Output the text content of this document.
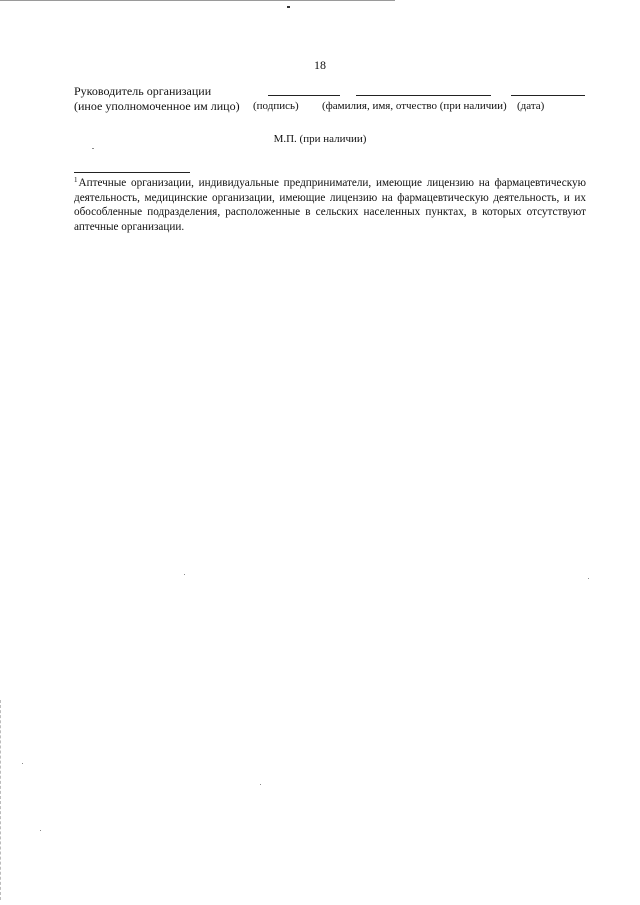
18
Руководитель организации
(иное уполномоченное им лицо) (подпись) (фамилия, имя, отчество (при наличии) (дата)
М.П. (при наличии)
$^1$Аптечные организации, индивидуальные предприниматели, имеющие лицензию на фармацевтическую деятельность, медицинские организации, имеющие лицензию на фармацевтическую деятельность, и их обособленные подразделения, расположенные в сельских населенных пунктах, в которых отсутствуют аптечные организации.
